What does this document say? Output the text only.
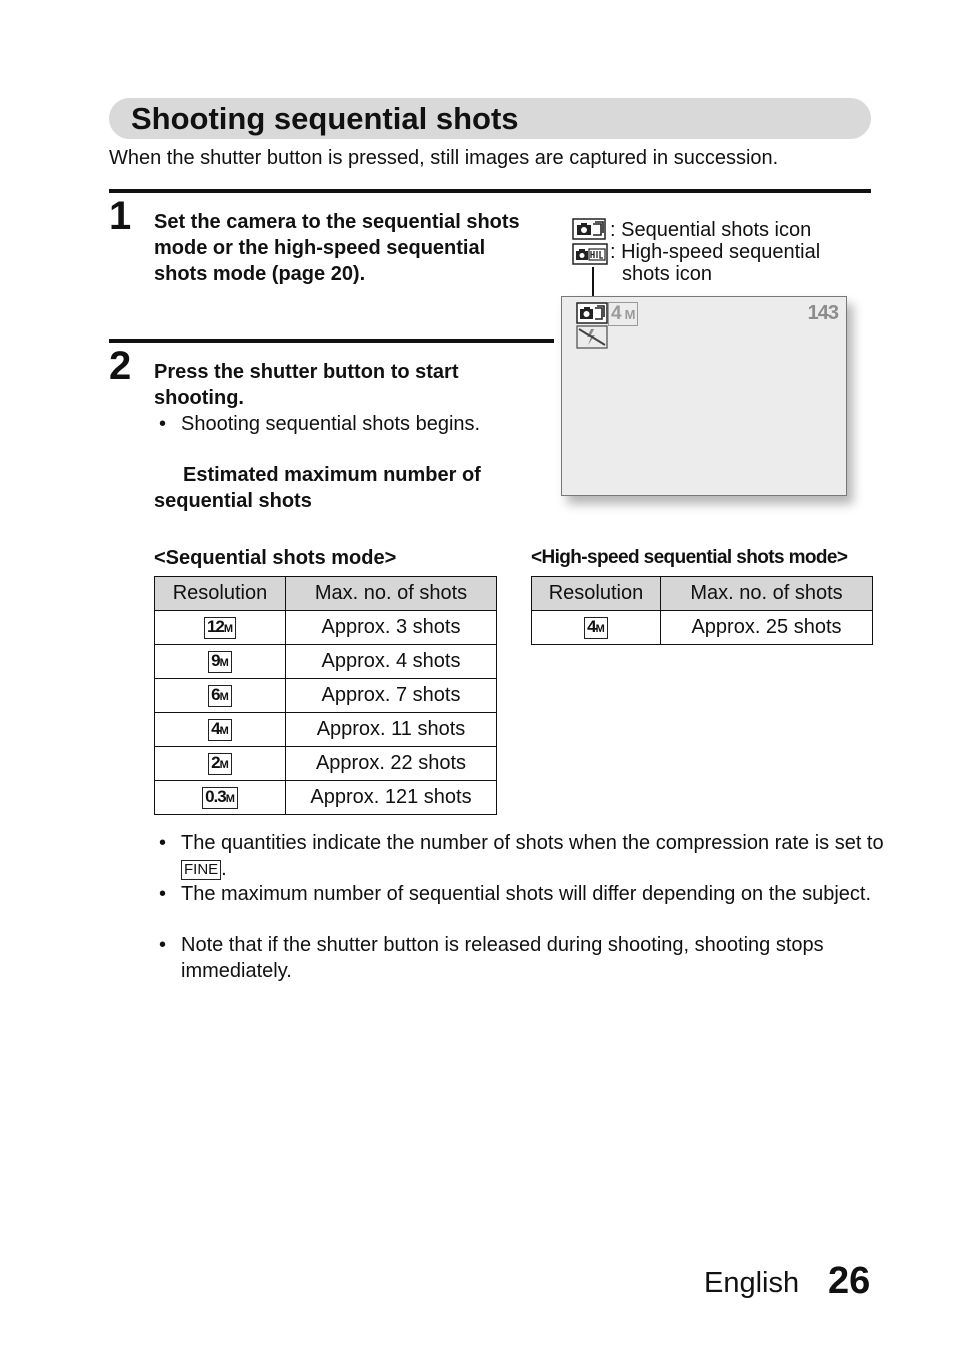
Shooting sequential shots
When the shutter button is pressed, still images are captured in succession.
1 Set the camera to the sequential shots mode or the high-speed sequential shots mode (page 20).
2 Press the shutter button to start shooting.
• Shooting sequential shots begins.
Estimated maximum number of sequential shots
: Sequential shots icon
: High-speed sequential
shots icon
4 M	143
<Sequential shots mode>
Resolution	Max. no. of shots
12M	Approx. 3 shots
9M	Approx. 4 shots
6M	Approx. 7 shots
4M	Approx. 11 shots
2M	Approx. 22 shots
0.3M	Approx. 121 shots
<High-speed sequential shots mode>
Resolution	Max. no. of shots
4M	Approx. 25 shots
• The quantities indicate the number of shots when the compression rate is set to FINE .
• The maximum number of sequential shots will differ depending on the subject.
• Note that if the shutter button is released during shooting, shooting stops immediately.
English 26
